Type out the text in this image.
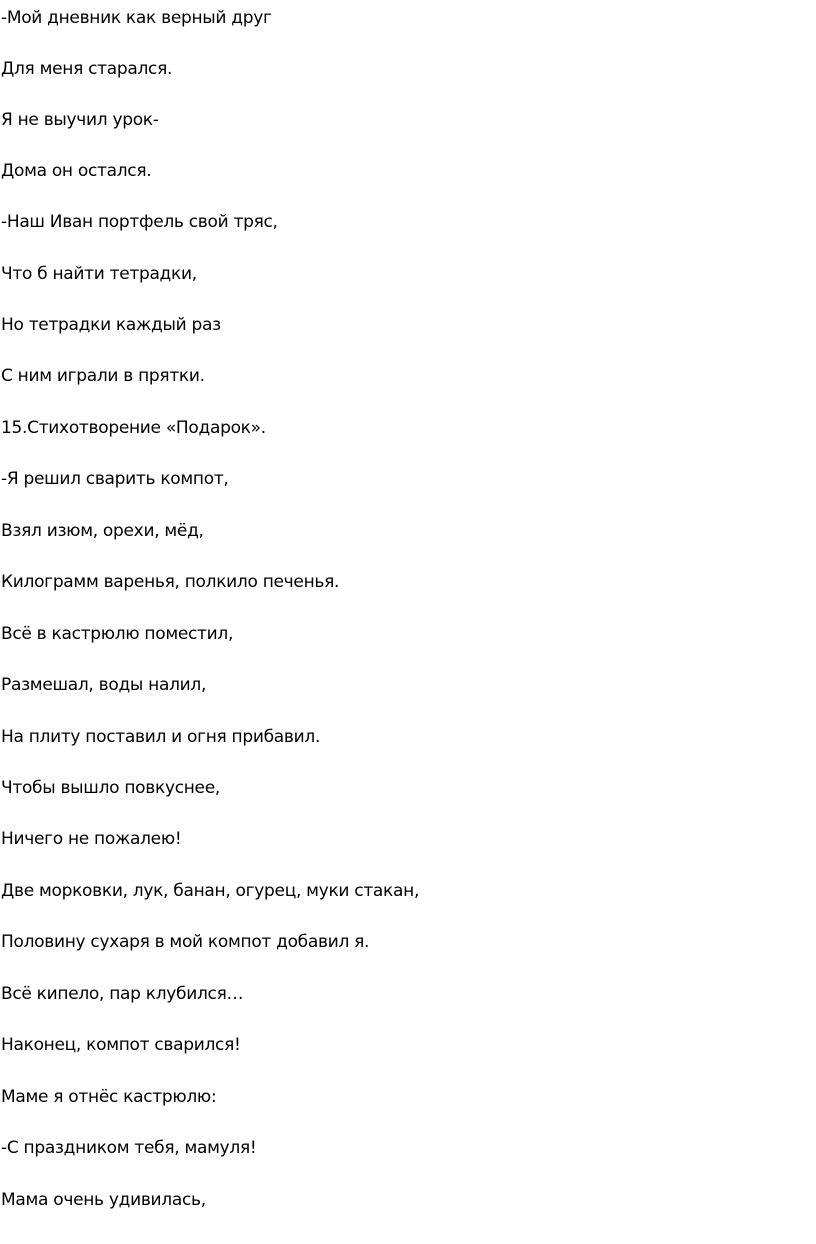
-Мой дневник как верный друг

Для меня старался.

Я не выучил урок-

Дома он остался.

-Наш Иван портфель свой тряс,

Что б найти тетрадки,

Но тетрадки каждый раз

С ним играли в прятки.

15.Стихотворение «Подарок».

-Я решил сварить компот,

Взял изюм, орехи, мёд,

Килограмм варенья, полкило печенья.

Всё в кастрюлю поместил,

Размешал, воды налил,

На плиту поставил и огня прибавил.

Чтобы вышло повкуснее,

Ничего не пожалею!

Две морковки, лук, банан, огурец, муки стакан,

Половину сухаря в мой компот добавил я.

Всё кипело, пар клубился…

Наконец, компот сварился!

Маме я отнёс кастрюлю:

-С праздником тебя, мамуля!

Мама очень удивилась,
